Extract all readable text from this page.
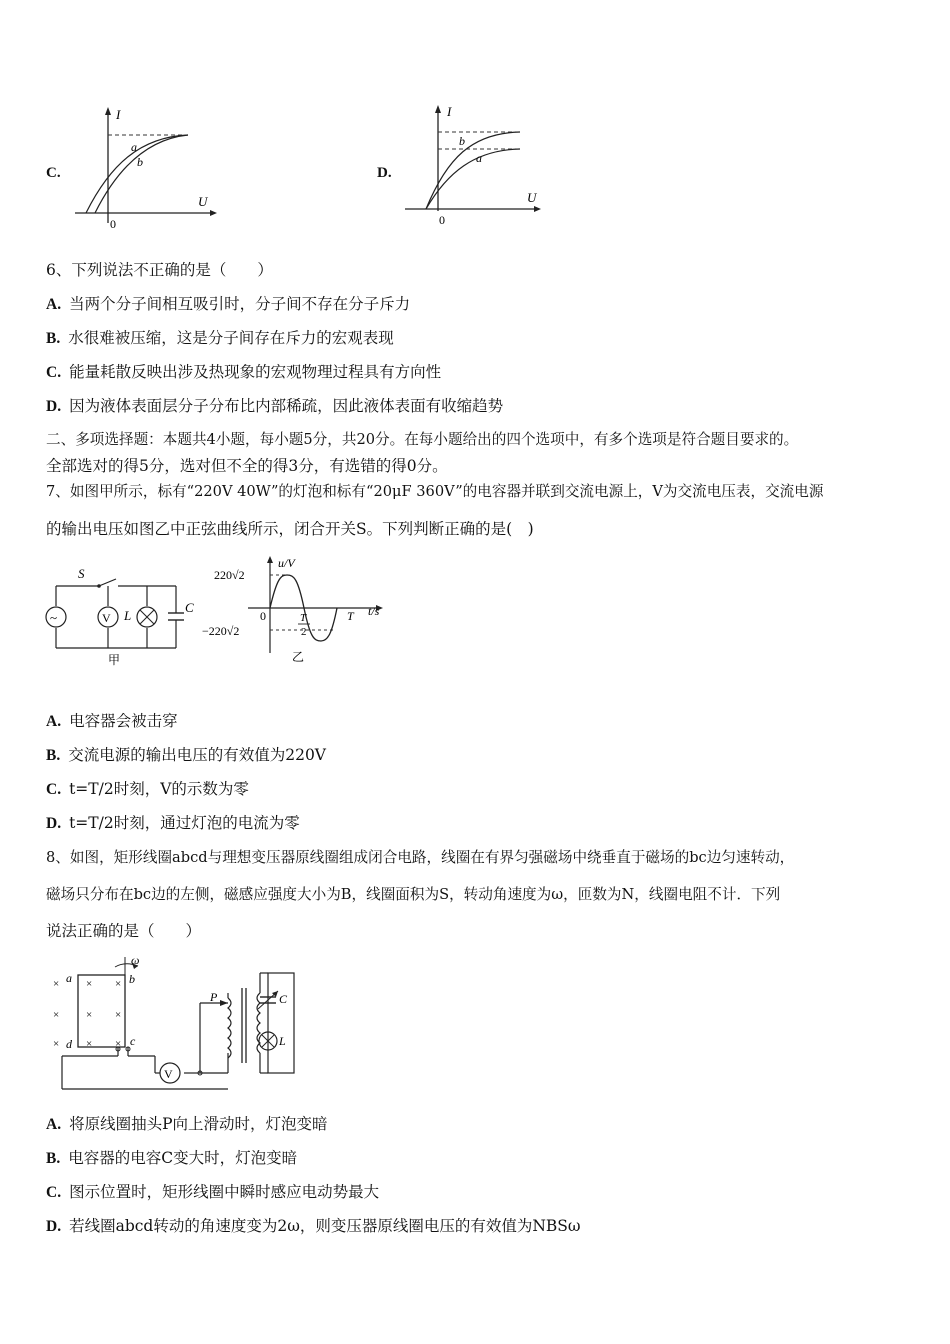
C.
I
U
0
a
b
D.
I
U
0
b
a
6、下列说法不正确的是（　　）
A. 当两个分子间相互吸引时，分子间不存在分子斥力
B. 水很难被压缩，这是分子间存在斥力的宏观表现
C. 能量耗散反映出涉及热现象的宏观物理过程具有方向性
D. 因为液体表面层分子分布比内部稀疏，因此液体表面有收缩趋势
二、多项选择题：本题共4小题，每小题5分，共20分。在每小题给出的四个选项中，有多个选项是符合题目要求的。
全部选对的得5分，选对但不全的得3分，有选错的得0分。
7、如图甲所示，标有“220V 40W”的灯泡和标有“20μF 360V”的电容器并联到交流电源上，V为交流电压表，交流电源
的输出电压如图乙中正弦曲线所示，闭合开关S。下列判断正确的是(　)
~	V
S
L
C
甲
220√2
−220√2
u/V
t/s
0	T
2
T
乙
A. 电容器会被击穿
B. 交流电源的输出电压的有效值为220V
C. t=T/2时刻，V的示数为零
D. t=T/2时刻，通过灯泡的电流为零
8、如图，矩形线圈abcd与理想变压器原线圈组成闭合电路，线圈在有界匀强磁场中绕垂直于磁场的bc边匀速转动，
磁场只分布在bc边的左侧，磁感应强度大小为B，线圈面积为S，转动角速度为ω，匝数为N，线圈电阻不计．下列
说法正确的是（　　）
× × ×
× × ×
× × ×
V
a	b
c
d
ω
P	C
L
A. 将原线圈抽头P向上滑动时，灯泡变暗
B. 电容器的电容C变大时，灯泡变暗
C. 图示位置时，矩形线圈中瞬时感应电动势最大
D. 若线圈abcd转动的角速度变为2ω，则变压器原线圈电压的有效值为NBSω
